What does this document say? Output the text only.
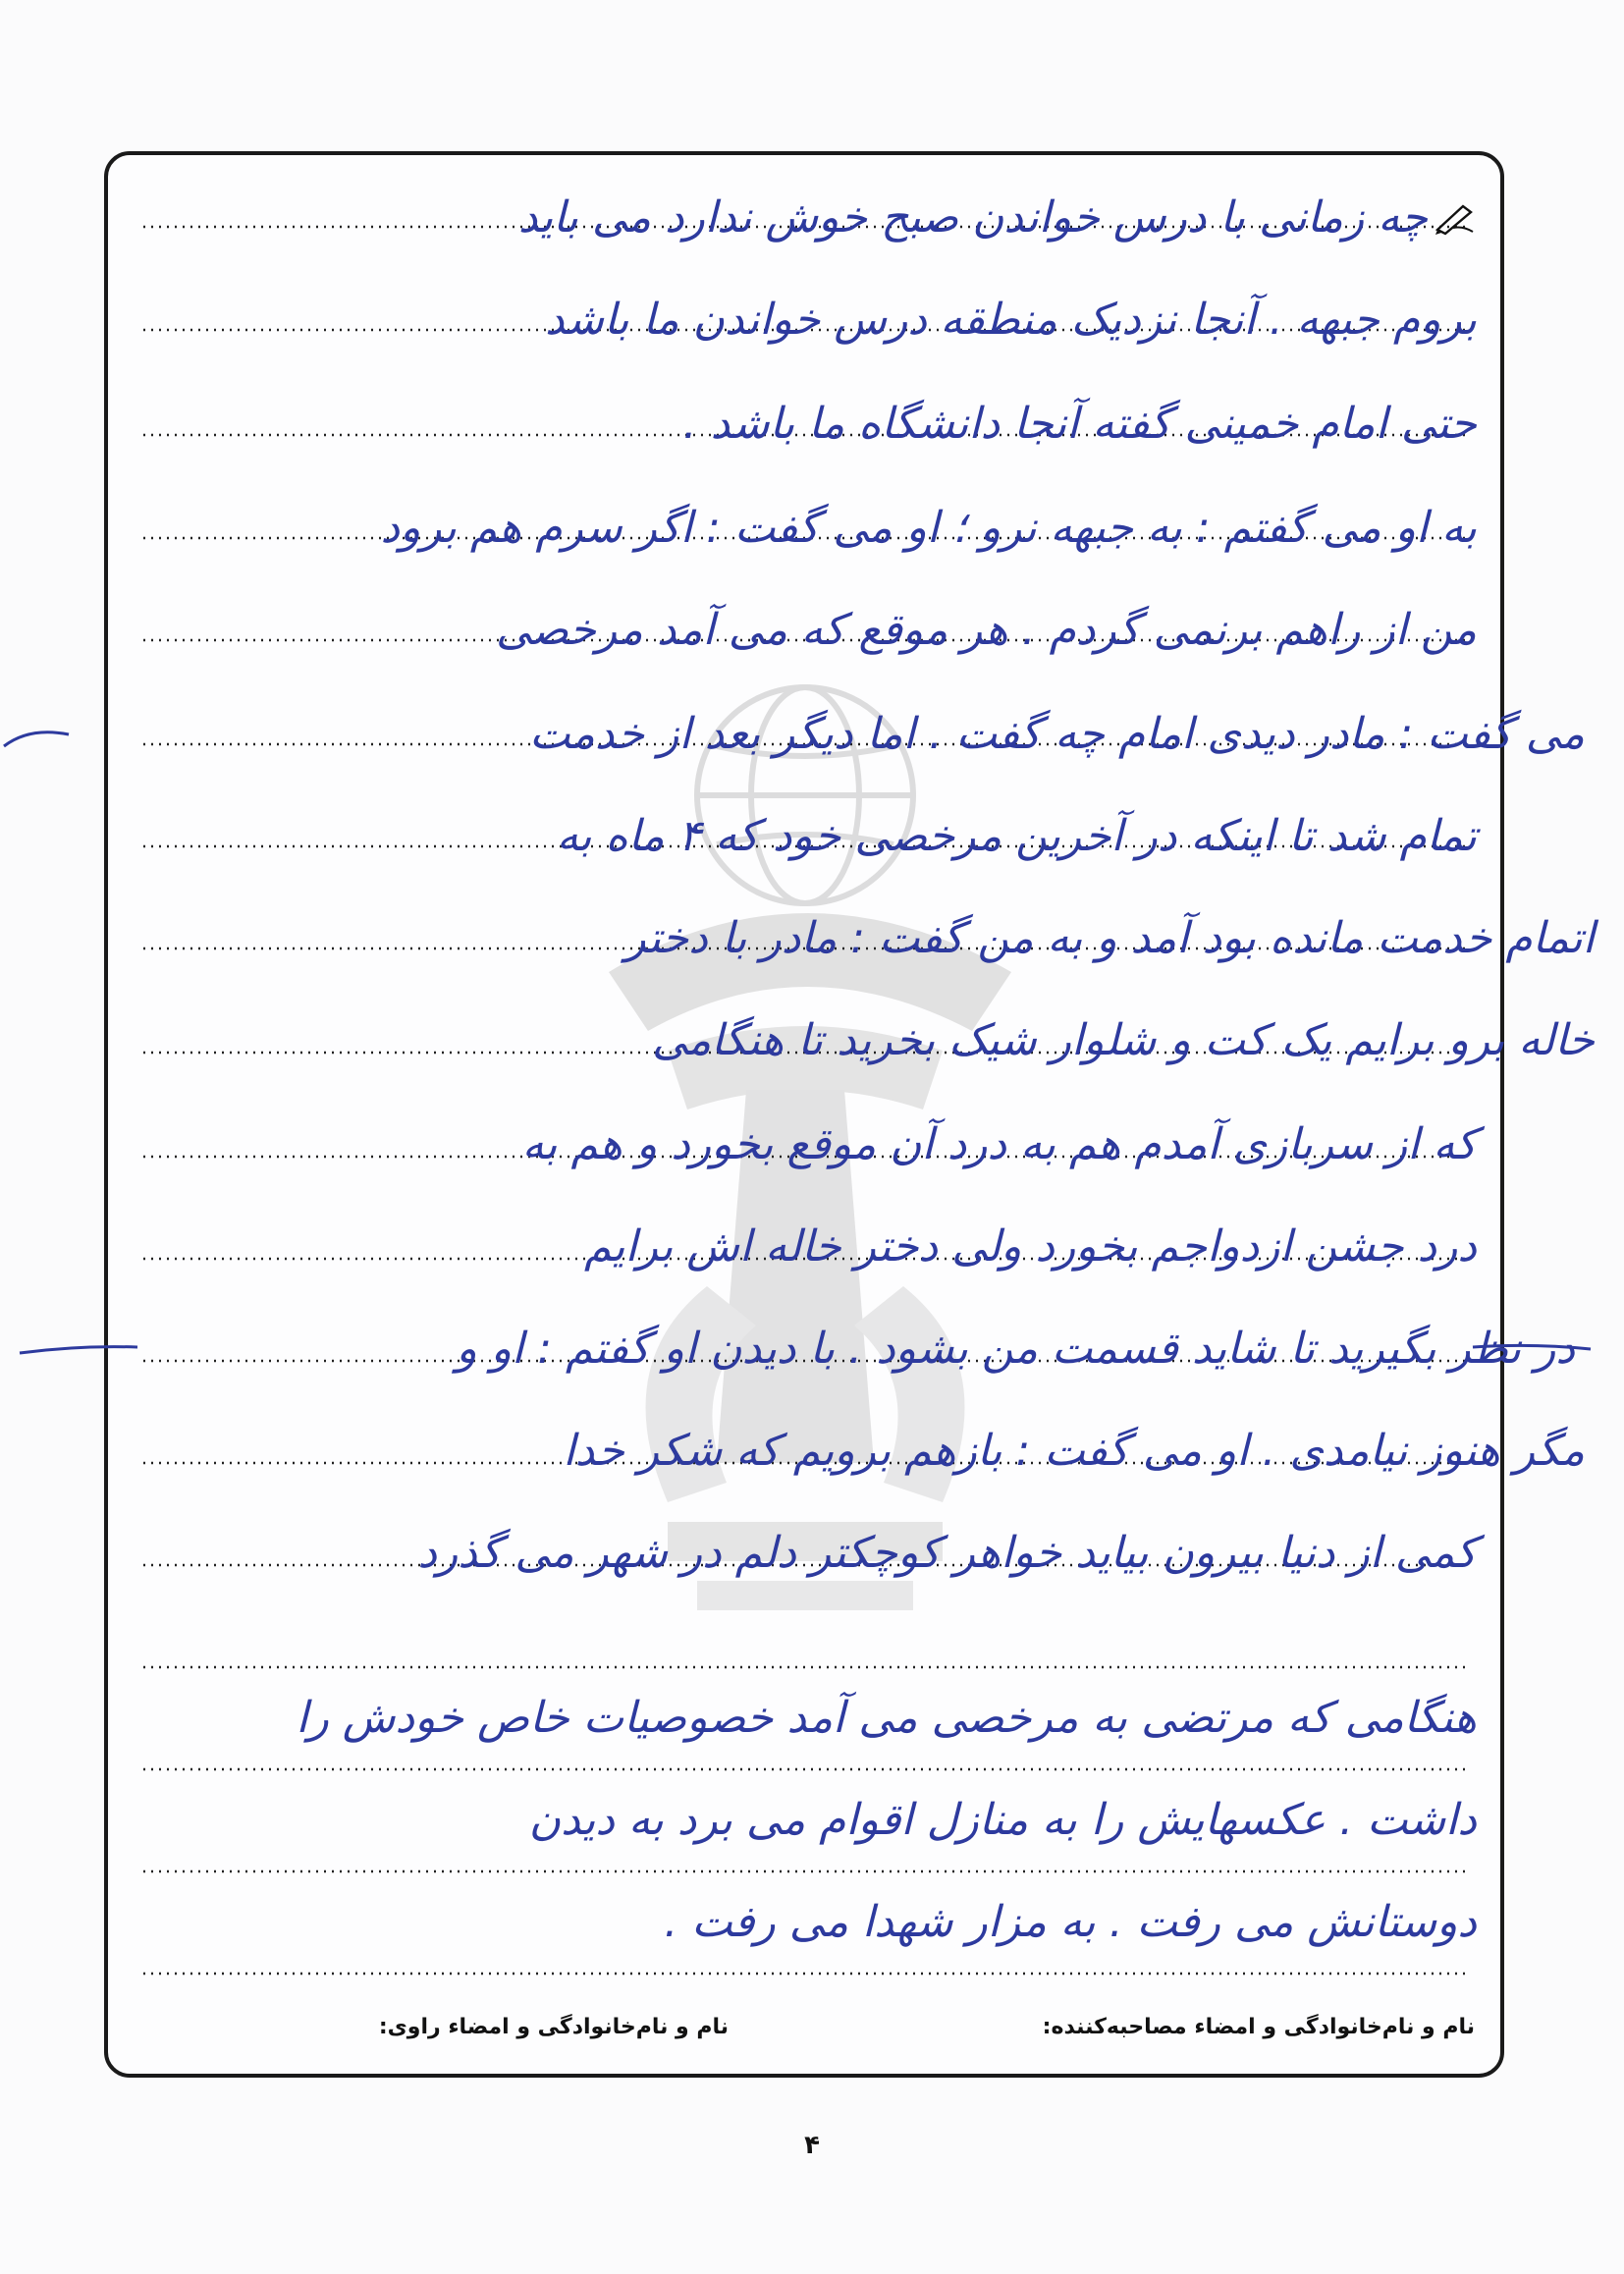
چه زمانی با درس خواندن صبح خوش ندارد می باید
بروم جبهه . آنجا نزدیک منطقه درس خواندن ما باشد
حتی امام خمینی گفته آنجا دانشگاه ما باشد .
به او می گفتم : به جبهه نرو ؛ او می گفت : اگر سرم هم برود
من از راهم برنمی گردم . هر موقع که می آمد مرخصی
می گفت : مادر دیدی امام چه گفت . اما دیگر بعد از خدمت
تمام شد تا اینکه در آخرین مرخصی خود که ۴ ماه به
اتمام خدمت مانده بود آمد و به من گفت : مادر با دختر
خاله برو برایم یک کت و شلوار شیک بخرید تا هنگامی
که از سربازی آمدم هم به درد آن موقع بخورد و هم به
درد جشن ازدواجم بخورد ولی دختر خاله اش برایم
در نظر بگیرید تا شاید قسمت من بشود . با دیدن او گفتم : او و
مگر هنوز نیامدی . او می گفت : بازهم برویم که شکر خدا
کمی از دنیا بیرون بیاید خواهر کوچکتر دلم در شهر می گذرد
هنگامی که مرتضی به مرخصی می آمد خصوصیات خاص خودش را
داشت . عکسهایش را به منازل اقوام می برد به دیدن
دوستانش می رفت . به مزار شهدا می رفت .
نام و نام‌خانوادگی و امضاء مصاحبه‌کننده:
نام و نام‌خانوادگی و امضاء راوی:
۴
